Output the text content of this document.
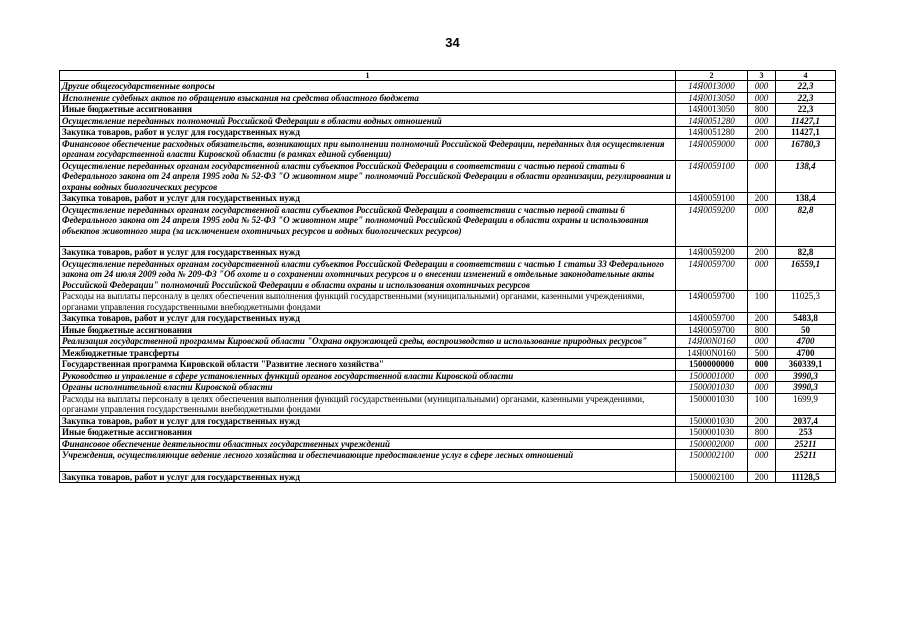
34
1	2	3	4
Другие общегосударственные вопросы	14Я0013000	000	22,3
Исполнение судебных актов по обращению взыскания на средства областного бюджета	14Я0013050	000	22,3
Иные бюджетные ассигнования	14Я0013050	800	22,3
Осуществление переданных полномочий Российской Федерации в области водных отношений	14Я0051280	000	11427,1
Закупка товаров, работ и услуг для государственных нужд	14Я0051280	200	11427,1
Финансовое обеспечение расходных обязательств, возникающих при выполнении полномочий Российской Федерации, переданных для осуществления органам государственной власти Кировской области (в рамках единой субвенции)	14Я0059000	000	16780,3
Осуществление переданных органам государственной власти субъектов Российской Федерации в соответствии с частью первой статьи 6 Федерального закона от 24 апреля 1995 года № 52-ФЗ "О животном мире" полномочий Российской Федерации в области организации, регулирования и охраны водных биологических ресурсов	14Я0059100	000	138,4
Закупка товаров, работ и услуг для государственных нужд	14Я0059100	200	138,4
Осуществление переданных органам государственной власти субъектов Российской Федерации в соответствии с частью первой статьи 6 Федерального закона от 24 апреля 1995 года № 52-ФЗ "О животном мире" полномочий Российской Федерации в области охраны и использования объектов животного мира (за исключением охотничьих ресурсов и водных биологических ресурсов)	14Я0059200	000	82,8
Закупка товаров, работ и услуг для государственных нужд	14Я0059200	200	82,8
Осуществление переданных органам государственной власти субъектов Российской Федерации в соответствии с частью 1 статьи 33 Федерального закона от 24 июля 2009 года № 209-ФЗ "Об охоте и о сохранении охотничьих ресурсов и о внесении изменений в отдельные законодательные акты Российской Федерации" полномочий Российской Федерации в области охраны и использования охотничьих ресурсов	14Я0059700	000	16559,1
Расходы на выплаты персоналу в целях обеспечения выполнения функций государственными (муниципальными) органами, казенными учреждениями, органами управления государственными внебюджетными фондами	14Я0059700	100	11025,3
Закупка товаров, работ и услуг для государственных нужд	14Я0059700	200	5483,8
Иные бюджетные ассигнования	14Я0059700	800	50
Реализация государственной программы Кировской области "Охрана окружающей среды, воспроизводство и использование природных ресурсов"	14Я00N0160	000	4700
Межбюджетные трансферты	14Я00N0160	500	4700
Государственная программа Кировской области "Развитие лесного хозяйства"	1500000000	000	360339,1
Руководство и управление в сфере установленных функций органов государственной власти Кировской области	1500001000	000	3990,3
Органы исполнительной власти Кировской области	1500001030	000	3990,3
Расходы на выплаты персоналу в целях обеспечения выполнения функций государственными (муниципальными) органами, казенными учреждениями, органами управления государственными внебюджетными фондами	1500001030	100	1699,9
Закупка товаров, работ и услуг для государственных нужд	1500001030	200	2037,4
Иные бюджетные ассигнования	1500001030	800	253
Финансовое обеспечение деятельности областных государственных учреждений	1500002000	000	25211
Учреждения, осуществляющие ведение лесного хозяйства и обеспечивающие предоставление услуг в сфере лесных отношений	1500002100	000	25211
Закупка товаров, работ и услуг для государственных нужд	1500002100	200	11128,5
